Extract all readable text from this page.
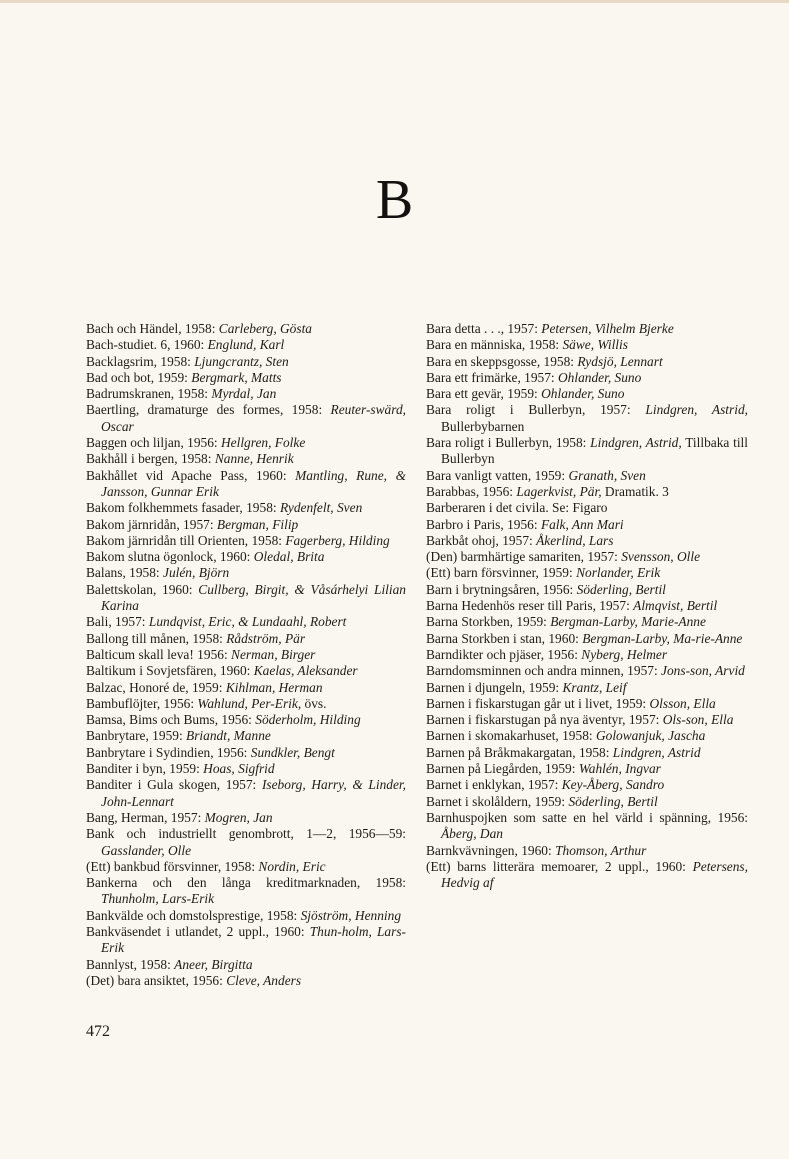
B
Bach och Händel, 1958: Carleberg, Gösta
Bach-studiet. 6, 1960: Englund, Karl
Backlagsrim, 1958: Ljungcrantz, Sten
Bad och bot, 1959: Bergmark, Matts
Badrumskranen, 1958: Myrdal, Jan
Baertling, dramaturge des formes, 1958: Reuter-swärd, Oscar
Baggen och liljan, 1956: Hellgren, Folke
Bakhåll i bergen, 1958: Nanne, Henrik
Bakhållet vid Apache Pass, 1960: Mantling, Rune, & Jansson, Gunnar Erik
Bakom folkhemmets fasader, 1958: Rydenfelt, Sven
Bakom järnridån, 1957: Bergman, Filip
Bakom järnridån till Orienten, 1958: Fagerberg, Hilding
Bakom slutna ögonlock, 1960: Oledal, Brita
Balans, 1958: Julén, Björn
Balettskolan, 1960: Cullberg, Birgit, & Våsárhelyi Lilian Karina
Bali, 1957: Lundqvist, Eric, & Lundaahl, Robert
Ballong till månen, 1958: Rådström, Pär
Balticum skall leva! 1956: Nerman, Birger
Baltikum i Sovjetsfären, 1960: Kaelas, Aleksander
Balzac, Honoré de, 1959: Kihlman, Herman
Bambuflöjter, 1956: Wahlund, Per-Erik, övs.
Bamsa, Bims och Bums, 1956: Söderholm, Hilding
Banbrytare, 1959: Briandt, Manne
Banbrytare i Sydindien, 1956: Sundkler, Bengt
Banditer i byn, 1959: Hoas, Sigfrid
Banditer i Gula skogen, 1957: Iseborg, Harry, & Linder, John-Lennart
Bang, Herman, 1957: Mogren, Jan
Bank och industriellt genombrott, 1—2, 1956—59: Gasslander, Olle
(Ett) bankbud försvinner, 1958: Nordin, Eric
Bankerna och den långa kreditmarknaden, 1958: Thunholm, Lars-Erik
Bankvälde och domstolsprestige, 1958: Sjöström, Henning
Bankväsendet i utlandet, 2 uppl., 1960: Thun-holm, Lars-Erik
Bannlyst, 1958: Aneer, Birgitta
(Det) bara ansiktet, 1956: Cleve, Anders
Bara detta . . ., 1957: Petersen, Vilhelm Bjerke
Bara en människa, 1958: Säwe, Willis
Bara en skeppsgosse, 1958: Rydsjö, Lennart
Bara ett frimärke, 1957: Ohlander, Suno
Bara ett gevär, 1959: Ohlander, Suno
Bara roligt i Bullerbyn, 1957: Lindgren, Astrid, Bullerbybarnen
Bara roligt i Bullerbyn, 1958: Lindgren, Astrid, Tillbaka till Bullerbyn
Bara vanligt vatten, 1959: Granath, Sven
Barabbas, 1956: Lagerkvist, Pär, Dramatik. 3
Barberaren i det civila. Se: Figaro
Barbro i Paris, 1956: Falk, Ann Mari
Barkbåt ohoj, 1957: Åkerlind, Lars
(Den) barmhärtige samariten, 1957: Svensson, Olle
(Ett) barn försvinner, 1959: Norlander, Erik
Barn i brytningsåren, 1956: Söderling, Bertil
Barna Hedenhös reser till Paris, 1957: Almqvist, Bertil
Barna Storkben, 1959: Bergman-Larby, Marie-Anne
Barna Storkben i stan, 1960: Bergman-Larby, Ma-rie-Anne
Barndikter och pjäser, 1956: Nyberg, Helmer
Barndomsminnen och andra minnen, 1957: Jons-son, Arvid
Barnen i djungeln, 1959: Krantz, Leif
Barnen i fiskarstugan går ut i livet, 1959: Olsson, Ella
Barnen i fiskarstugan på nya äventyr, 1957: Ols-son, Ella
Barnen i skomakarhuset, 1958: Golowanjuk, Jascha
Barnen på Bråkmakargatan, 1958: Lindgren, Astrid
Barnen på Liegården, 1959: Wahlén, Ingvar
Barnet i enklykan, 1957: Key-Åberg, Sandro
Barnet i skolåldern, 1959: Söderling, Bertil
Barnhuspojken som satte en hel värld i spänning, 1956: Åberg, Dan
Barnkvävningen, 1960: Thomson, Arthur
(Ett) barns litterära memoarer, 2 uppl., 1960: Petersens, Hedvig af
472
